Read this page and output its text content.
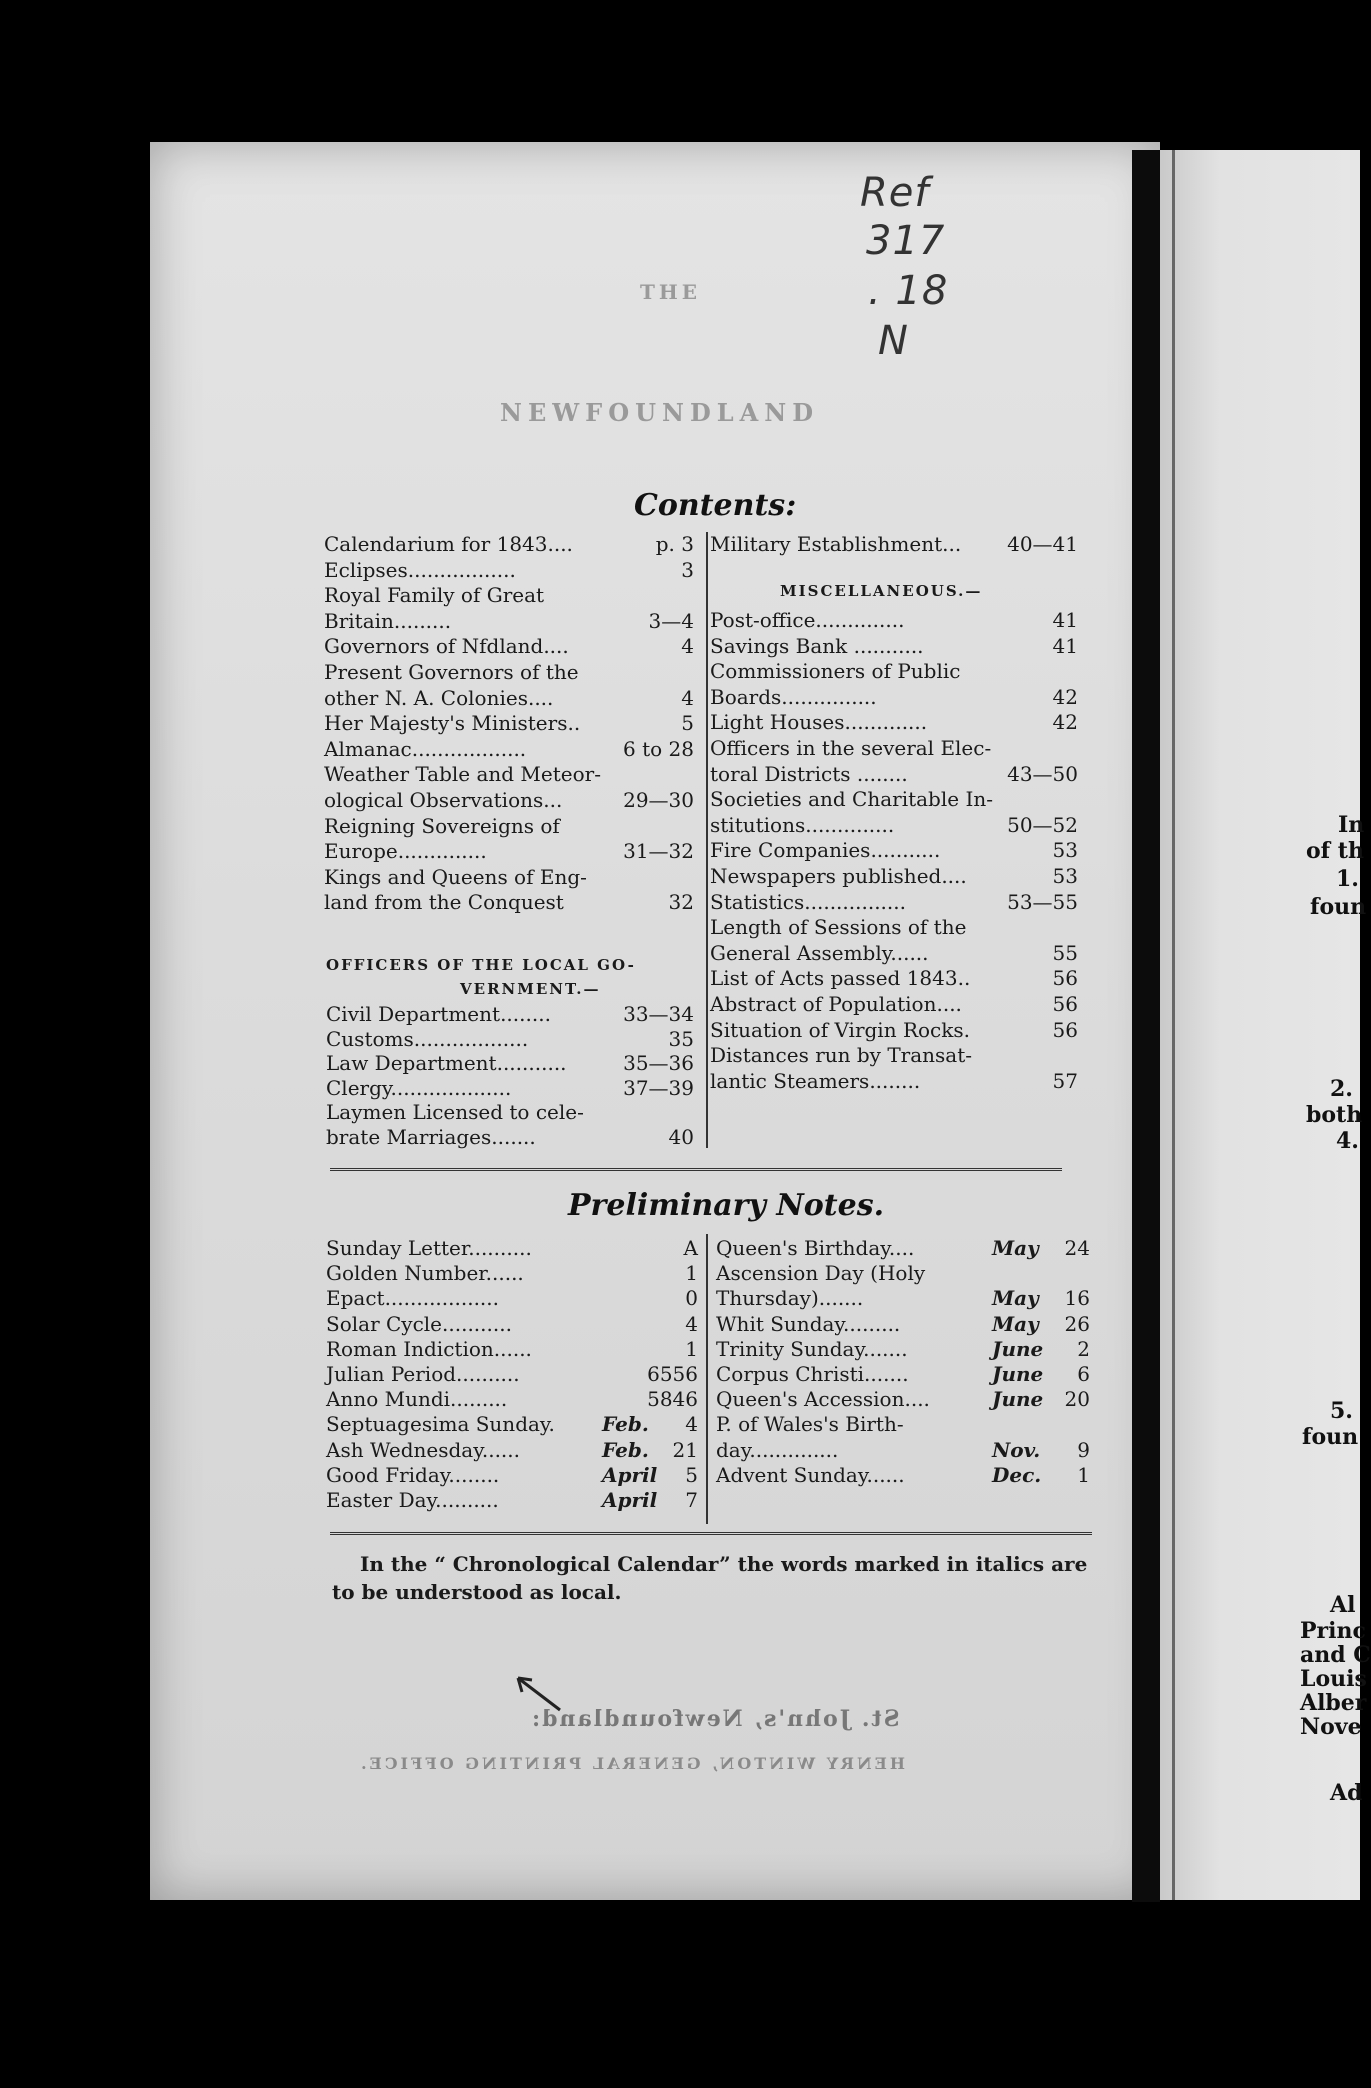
Ref
317
. 18
N
THE
NEWFOUNDLAND
Contents:
Calendarium for 1843....	p. 3
Eclipses.................	3
Royal Family of Great
Britain.........	3—4
Governors of Nfdland....	4
Present Governors of the
other N. A. Colonies....	4
Her Majesty's Ministers..	5
Almanac..................	6 to 28
Weather Table and Meteor-
ological Observations...	29—30
Reigning Sovereigns of
Europe..............	31—32
Kings and Queens of Eng-
land from the Conquest	32
OFFICERS OF THE LOCAL GO-
VERNMENT.—
Civil Department........	33—34
Customs..................	35
Law Department...........	35—36
Clergy...................	37—39
Laymen Licensed to cele-
brate Marriages.......	40
Military Establishment... 40—41
MISCELLANEOUS.—
Post-office..............	41
Savings Bank ...........	41
Commissioners of Public
Boards...............	42
Light Houses.............	42
Officers in the several Elec-
toral Districts ........	43—50
Societies and Charitable In-
stitutions..............	50—52
Fire Companies...........	53
Newspapers published....	53
Statistics................	53—55
Length of Sessions of the
General Assembly......	55
List of Acts passed 1843..	56
Abstract of Population....	56
Situation of Virgin Rocks.	56
Distances run by Transat-
lantic Steamers........	57
Preliminary Notes.
Sunday Letter..........	A
Golden Number......	1
Epact..................	0
Solar Cycle...........	4
Roman Indiction......	1
Julian Period..........	6556
Anno Mundi.........	5846
Septuagesima Sunday. Feb. 4
Ash Wednesday......	Feb. 21
Good Friday........	April 5
Easter Day..........	April 7
Queen's Birthday....	May 24
Ascension Day (Holy
Thursday).......	May 16
Whit Sunday.........	May 26
Trinity Sunday.......	June 2
Corpus Christi.......	June 6
Queen's Accession....	June 20
P. of Wales's Birth-
day..............	Nov. 9
Advent Sunday......	Dec. 1
In the “ Chronological Calendar” the words marked in italics are
to be understood as local.
St. John's, Newfoundland:
HENRY WINTON, GENERAL PRINTING OFFICE.
In
of th
1.
foun
2.
both
4.
5.
foun
Al
Princ
and C
Louis
Alber
Nove
Ad
